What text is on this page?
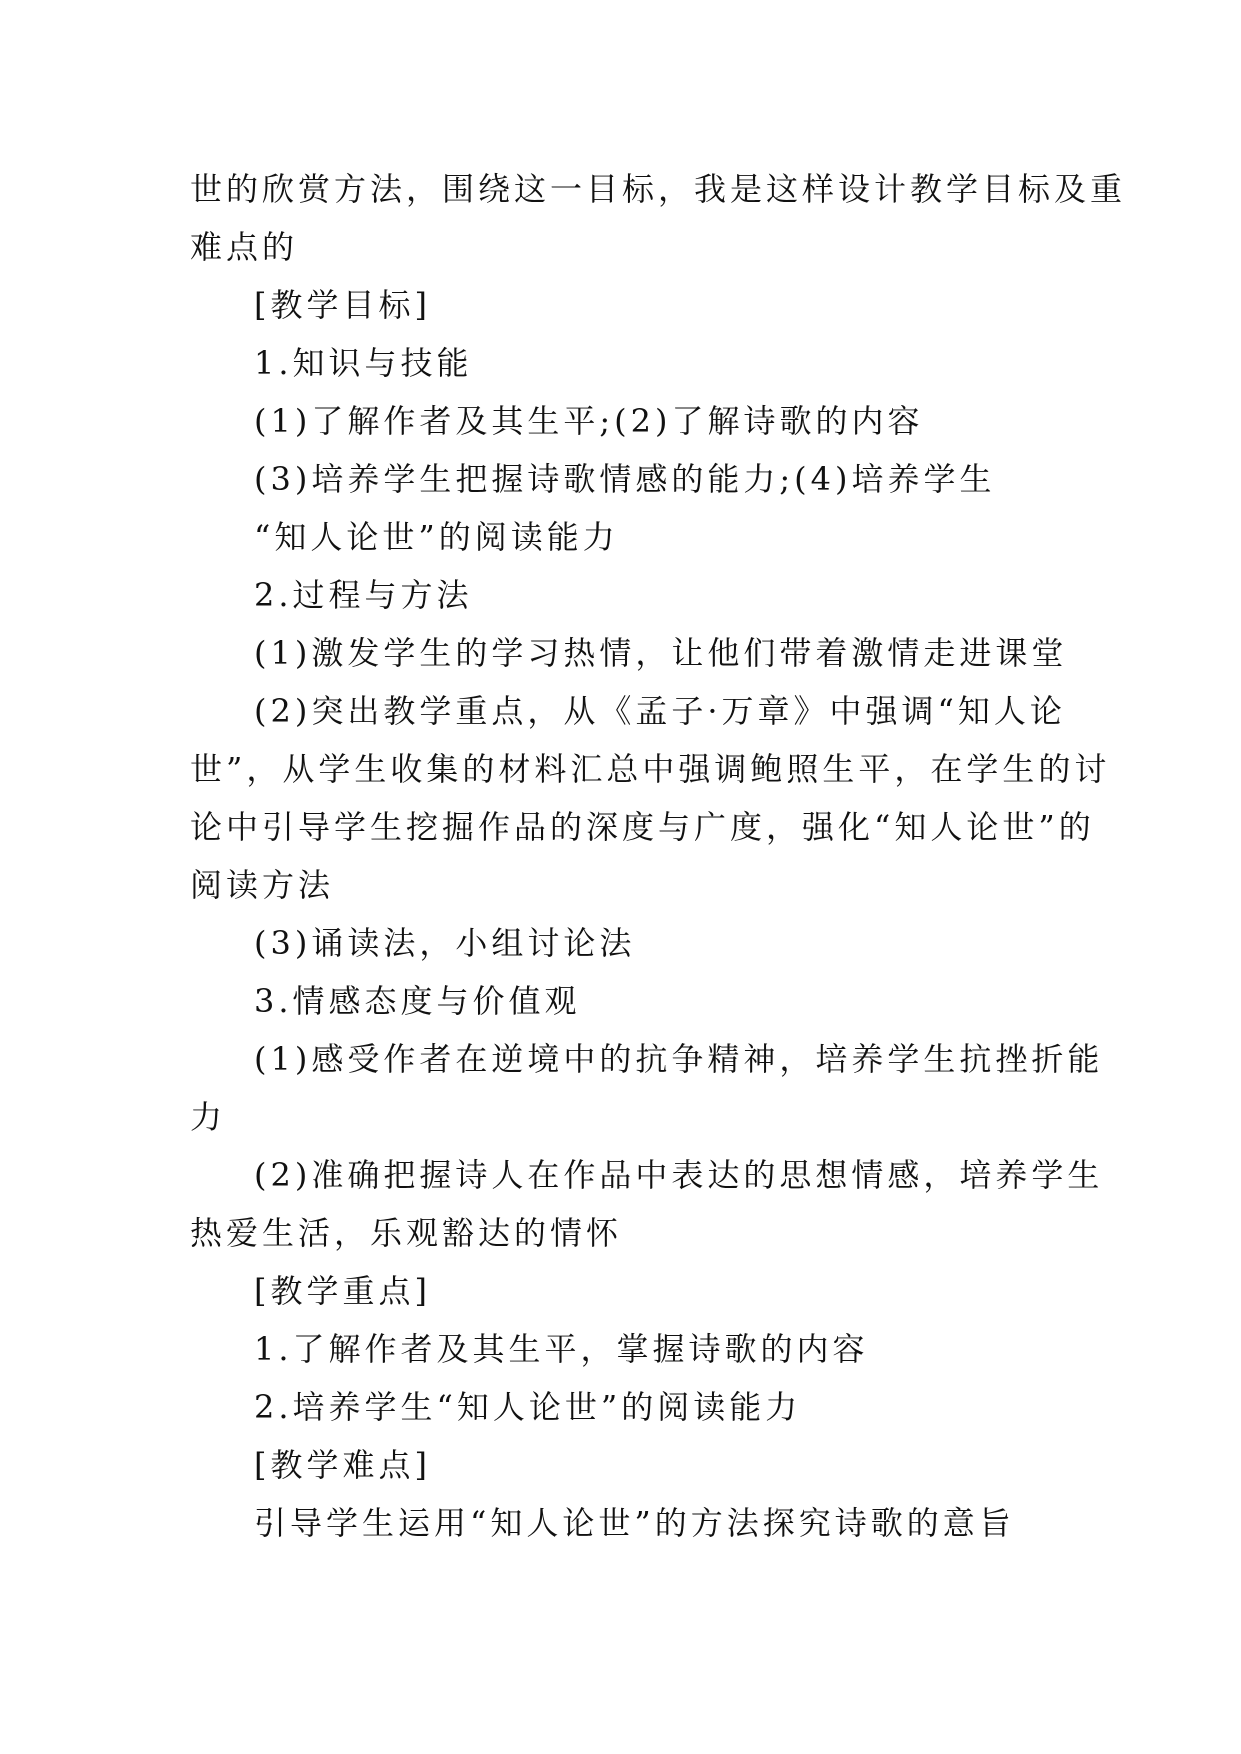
世的欣赏方法，围绕这一目标，我是这样设计教学目标及重

难点的

[教学目标]

1.知识与技能

(1)了解作者及其生平;(2)了解诗歌的内容

(3)培养学生把握诗歌情感的能力;(4)培养学生

“知人论世”的阅读能力

2.过程与方法

(1)激发学生的学习热情，让他们带着激情走进课堂

(2)突出教学重点，从《孟子·万章》中强调“知人论

世”，从学生收集的材料汇总中强调鲍照生平，在学生的讨

论中引导学生挖掘作品的深度与广度，强化“知人论世”的

阅读方法

(3)诵读法，小组讨论法

3.情感态度与价值观

(1)感受作者在逆境中的抗争精神，培养学生抗挫折能

力

(2)准确把握诗人在作品中表达的思想情感，培养学生

热爱生活，乐观豁达的情怀

[教学重点]

1.了解作者及其生平，掌握诗歌的内容

2.培养学生“知人论世”的阅读能力

[教学难点]

引导学生运用“知人论世”的方法探究诗歌的意旨
